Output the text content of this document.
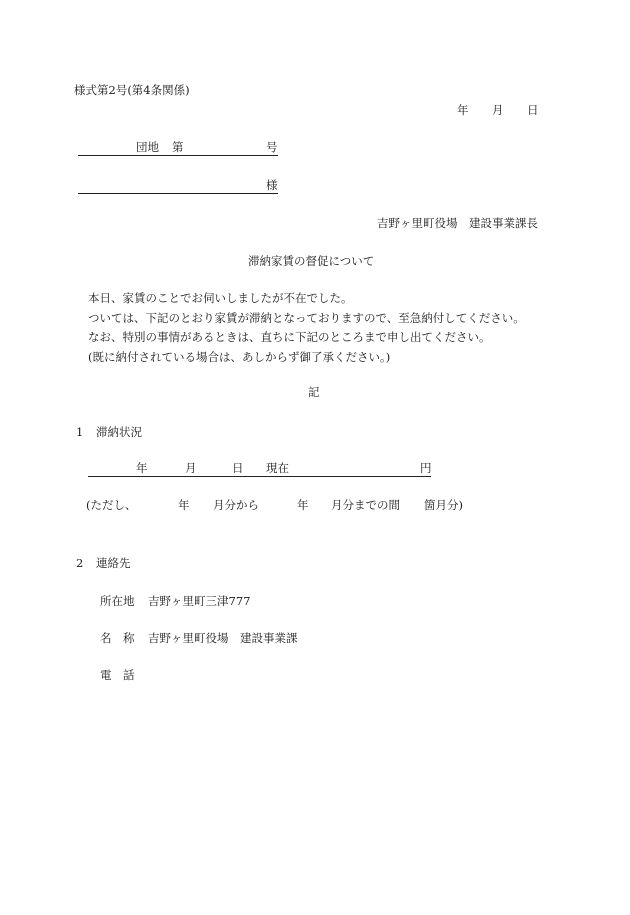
様式第2号(第4条関係)
年 月 日
団地 第	号
様
吉野ヶ里町役場　建設事業課長
滞納家賃の督促について
本日、家賃のことでお伺いしましたが不在でした。
ついては、下記のとおり家賃が滞納となっておりますので、至急納付してください。
なお、特別の事情があるときは、直ちに下記のところまで申し出てください。
(既に納付されている場合は、あしからず御了承ください。)
記
1 滞納状況
年	月	日 現在	円
(ただし、	年 月分から	年 月分までの間 箇月分)
2 連絡先
所在地 吉野ヶ里町三津777
名　称 吉野ヶ里町役場　建設事業課
電　話
